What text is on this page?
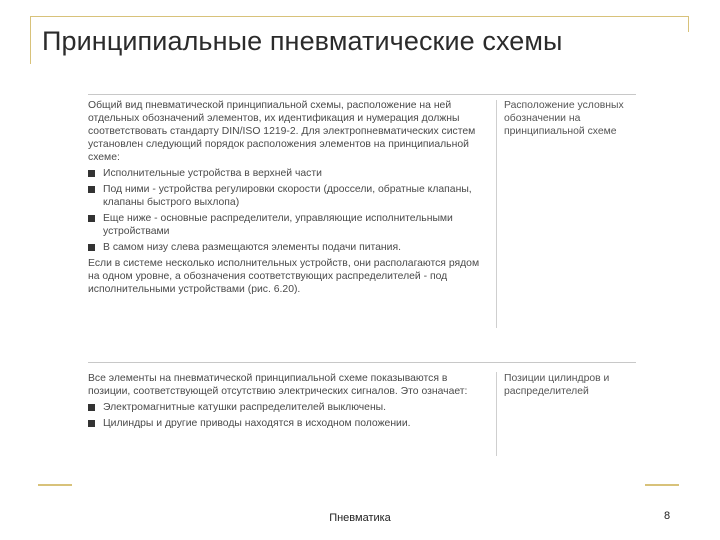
Принципиальные пневматические схемы

Общий вид пневматической принципиальной схемы, расположение на ней отдельных обозначений элементов, их идентификация и нумерация должны соответствовать стандарту DIN/ISO 1219-2. Для электропневматических систем установлен следующий порядок расположения элементов на принципиальной схеме:

Исполнительные устройства в верхней части
Под ними - устройства регулировки скорости (дроссели, обратные клапаны, клапаны быстрого выхлопа)
Еще ниже - основные распределители, управляющие исполнительными устройствами
В самом низу слева размещаются элементы подачи питания.

Если в системе несколько исполнительных устройств, они располагаются рядом на одном уровне, а обозначения соответствующих распределителей - под исполнительными устройствами (рис. 6.20).

Расположение условных обозначении на принципиальной схеме

Все элементы на пневматической принципиальной схеме показываются в позиции, соответствующей отсутствию электрических сигналов. Это означает:

Электромагнитные катушки распределителей выключены.
Цилиндры и другие приводы находятся в исходном положении.
Позиции цилиндров и распределителей
Пневматика	8
